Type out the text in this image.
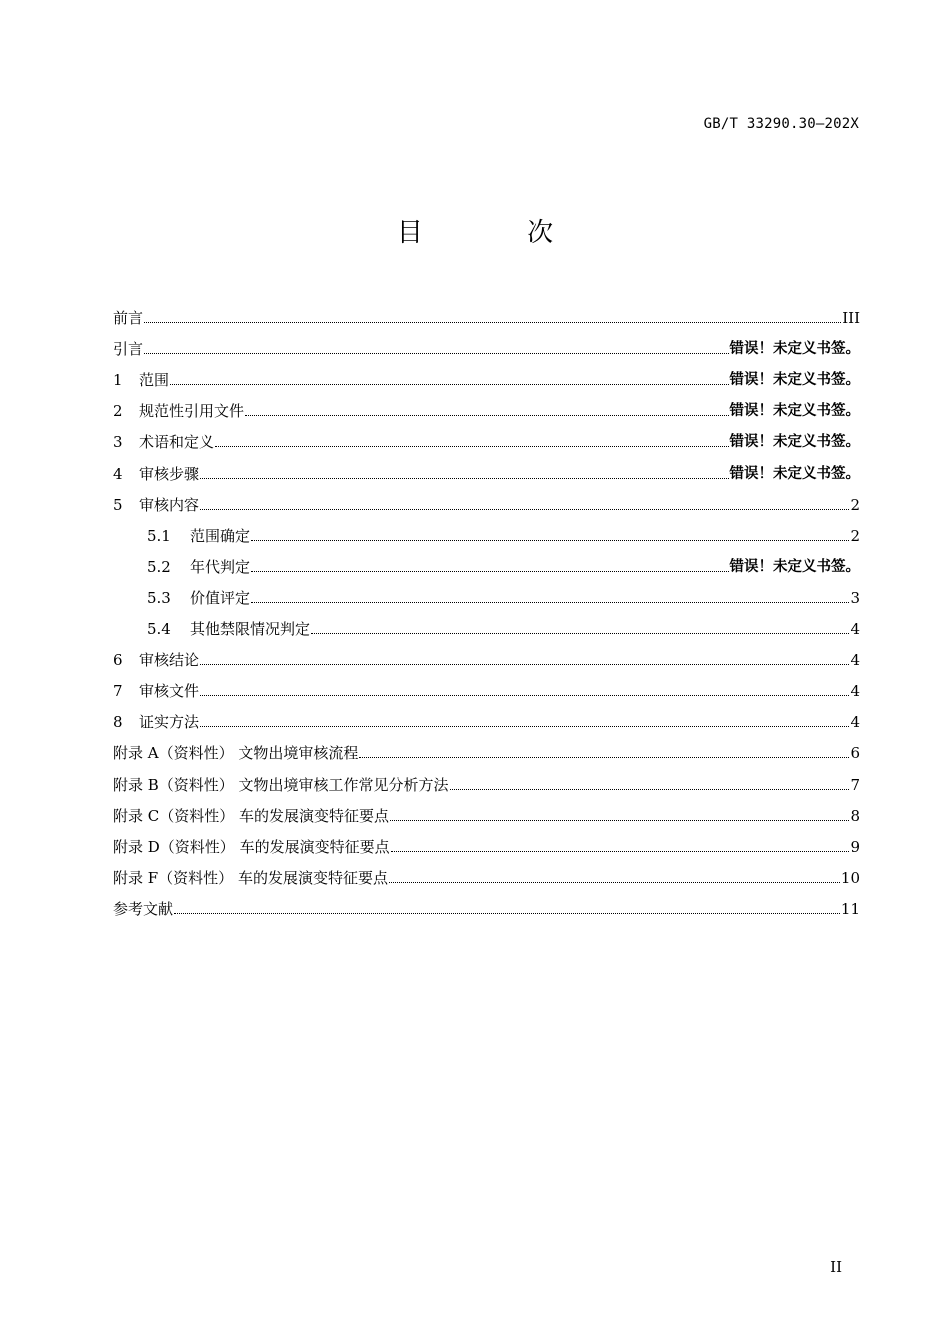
GB/T 33290.30—202X
目 次
前言	III
引言	错误！未定义书签。
1	范围	错误！未定义书签。
2	规范性引用文件	错误！未定义书签。
3	术语和定义	错误！未定义书签。
4	审核步骤	错误！未定义书签。
5	审核内容	2
5.1	范围确定	2
5.2	年代判定	错误！未定义书签。
5.3	价值评定	3
5.4	其他禁限情况判定	4
6	审核结论	4
7	审核文件	4
8	证实方法	4
附录 A（资料性） 文物出境审核流程	6
附录 B（资料性） 文物出境审核工作常见分析方法	7
附录 C（资料性） 车的发展演变特征要点	8
附录 D（资料性） 车的发展演变特征要点	9
附录 F（资料性） 车的发展演变特征要点	10
参考文献	11
II
